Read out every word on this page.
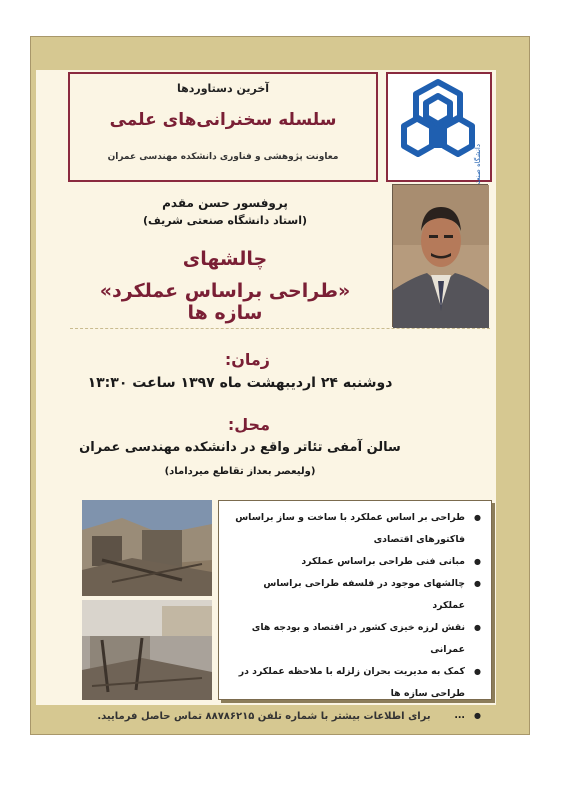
آخرین دستاوردها
سلسله سخنرانی‌های علمی
معاونت پژوهشی و فناوری دانشکده مهندسی عمران
پروفسور حسن مقدم
(استاد دانشگاه صنعتی شریف)
چالشهای
«طراحی براساس عملکرد» سازه ها
زمان:
دوشنبه ۲۴ اردیبهشت ماه ۱۳۹۷ ساعت ۱۳:۳۰
محل:
سالن آمفی تئاتر واقع در دانشکده مهندسی عمران
(ولیعصر بعداز تقاطع میرداماد)
● طراحی بر اساس عملکرد با ساخت و ساز براساس فاکتورهای اقتصادی
● مبانی فنی طراحی براساس عملکرد
● چالشهای موجود در فلسفه طراحی براساس عملکرد
● نقش لرزه خیزی کشور در اقتصاد و بودجه های عمرانی
● کمک به مدیریت بحران زلزله با ملاحظه عملکرد در طراحی سازه ها
● ...
برای اطلاعات بیشتر با شماره تلفن ۸۸۷۸۶۲۱۵ تماس حاصل فرمایید.
